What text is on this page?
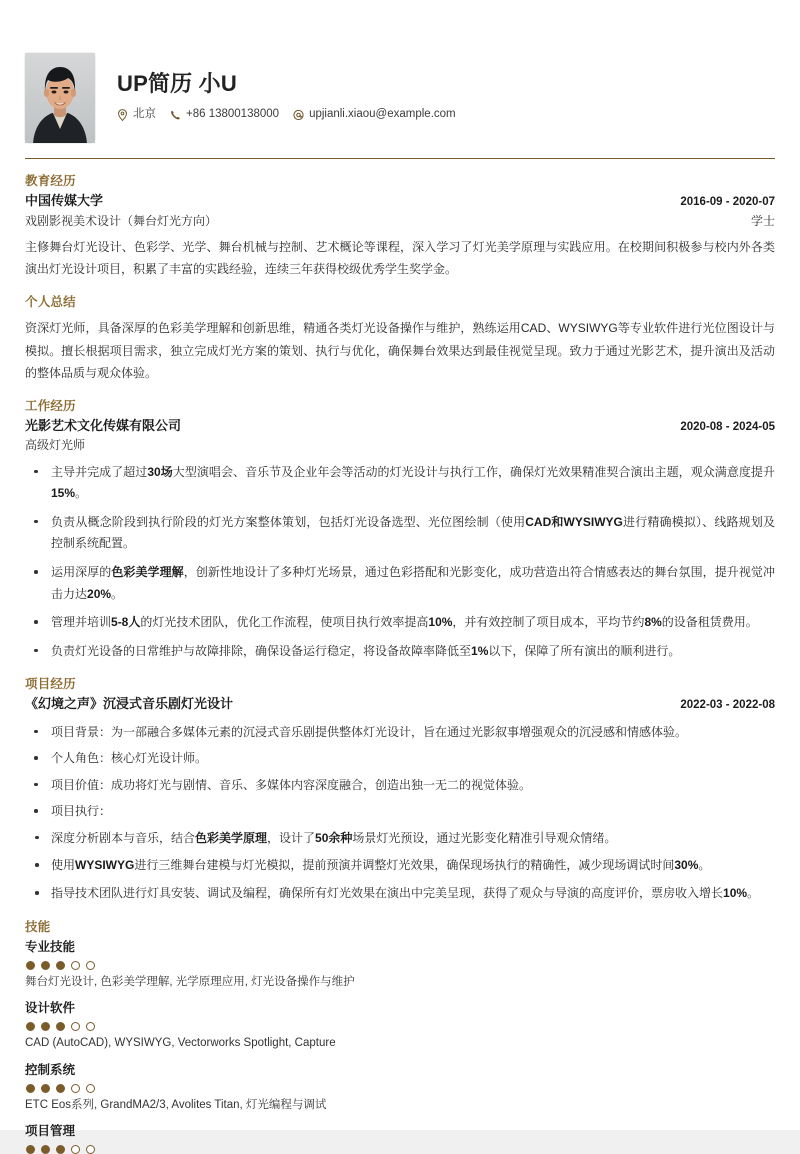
UP简历 小U
北京	+86 13800138000	upjianli.xiaou@example.com
教育经历
中国传媒大学	2016-09 - 2020-07
戏剧影视美术设计（舞台灯光方向）	学士
主修舞台灯光设计、色彩学、光学、舞台机械与控制、艺术概论等课程，深入学习了灯光美学原理与实践应用。在校期间积极参与校内外各类演出灯光设计项目，积累了丰富的实践经验，连续三年获得校级优秀学生奖学金。
个人总结
资深灯光师，具备深厚的色彩美学理解和创新思维，精通各类灯光设备操作与维护，熟练运用CAD、WYSIWYG等专业软件进行光位图设计与模拟。擅长根据项目需求，独立完成灯光方案的策划、执行与优化，确保舞台效果达到最佳视觉呈现。致力于通过光影艺术，提升演出及活动的整体品质与观众体验。
工作经历
光影艺术文化传媒有限公司	2020-08 - 2024-05
高级灯光师
主导并完成了超过30场大型演唱会、音乐节及企业年会等活动的灯光设计与执行工作，确保灯光效果精准契合演出主题，观众满意度提升15%。
负责从概念阶段到执行阶段的灯光方案整体策划，包括灯光设备选型、光位图绘制（使用CAD和WYSIWYG进行精确模拟）、线路规划及控制系统配置。
运用深厚的色彩美学理解，创新性地设计了多种灯光场景，通过色彩搭配和光影变化，成功营造出符合情感表达的舞台氛围，提升视觉冲击力达20%。
管理并培训5-8人的灯光技术团队，优化工作流程，使项目执行效率提高10%，并有效控制了项目成本，平均节约8%的设备租赁费用。
负责灯光设备的日常维护与故障排除，确保设备运行稳定，将设备故障率降低至1%以下，保障了所有演出的顺利进行。
项目经历
《幻境之声》沉浸式音乐剧灯光设计	2022-03 - 2022-08
项目背景：为一部融合多媒体元素的沉浸式音乐剧提供整体灯光设计，旨在通过光影叙事增强观众的沉浸感和情感体验。
个人角色：核心灯光设计师。
项目价值：成功将灯光与剧情、音乐、多媒体内容深度融合，创造出独一无二的视觉体验。
项目执行：
深度分析剧本与音乐，结合色彩美学原理，设计了50余种场景灯光预设，通过光影变化精准引导观众情绪。
使用WYSIWYG进行三维舞台建模与灯光模拟，提前预演并调整灯光效果，确保现场执行的精确性，减少现场调试时间30%。
指导技术团队进行灯具安装、调试及编程，确保所有灯光效果在演出中完美呈现，获得了观众与导演的高度评价，票房收入增长10%。
技能
专业技能
舞台灯光设计, 色彩美学理解, 光学原理应用, 灯光设备操作与维护
设计软件
CAD (AutoCAD), WYSIWYG, Vectorworks Spotlight, Capture
控制系统
ETC Eos系列, GrandMA2/3, Avolites Titan, 灯光编程与调试
项目管理
